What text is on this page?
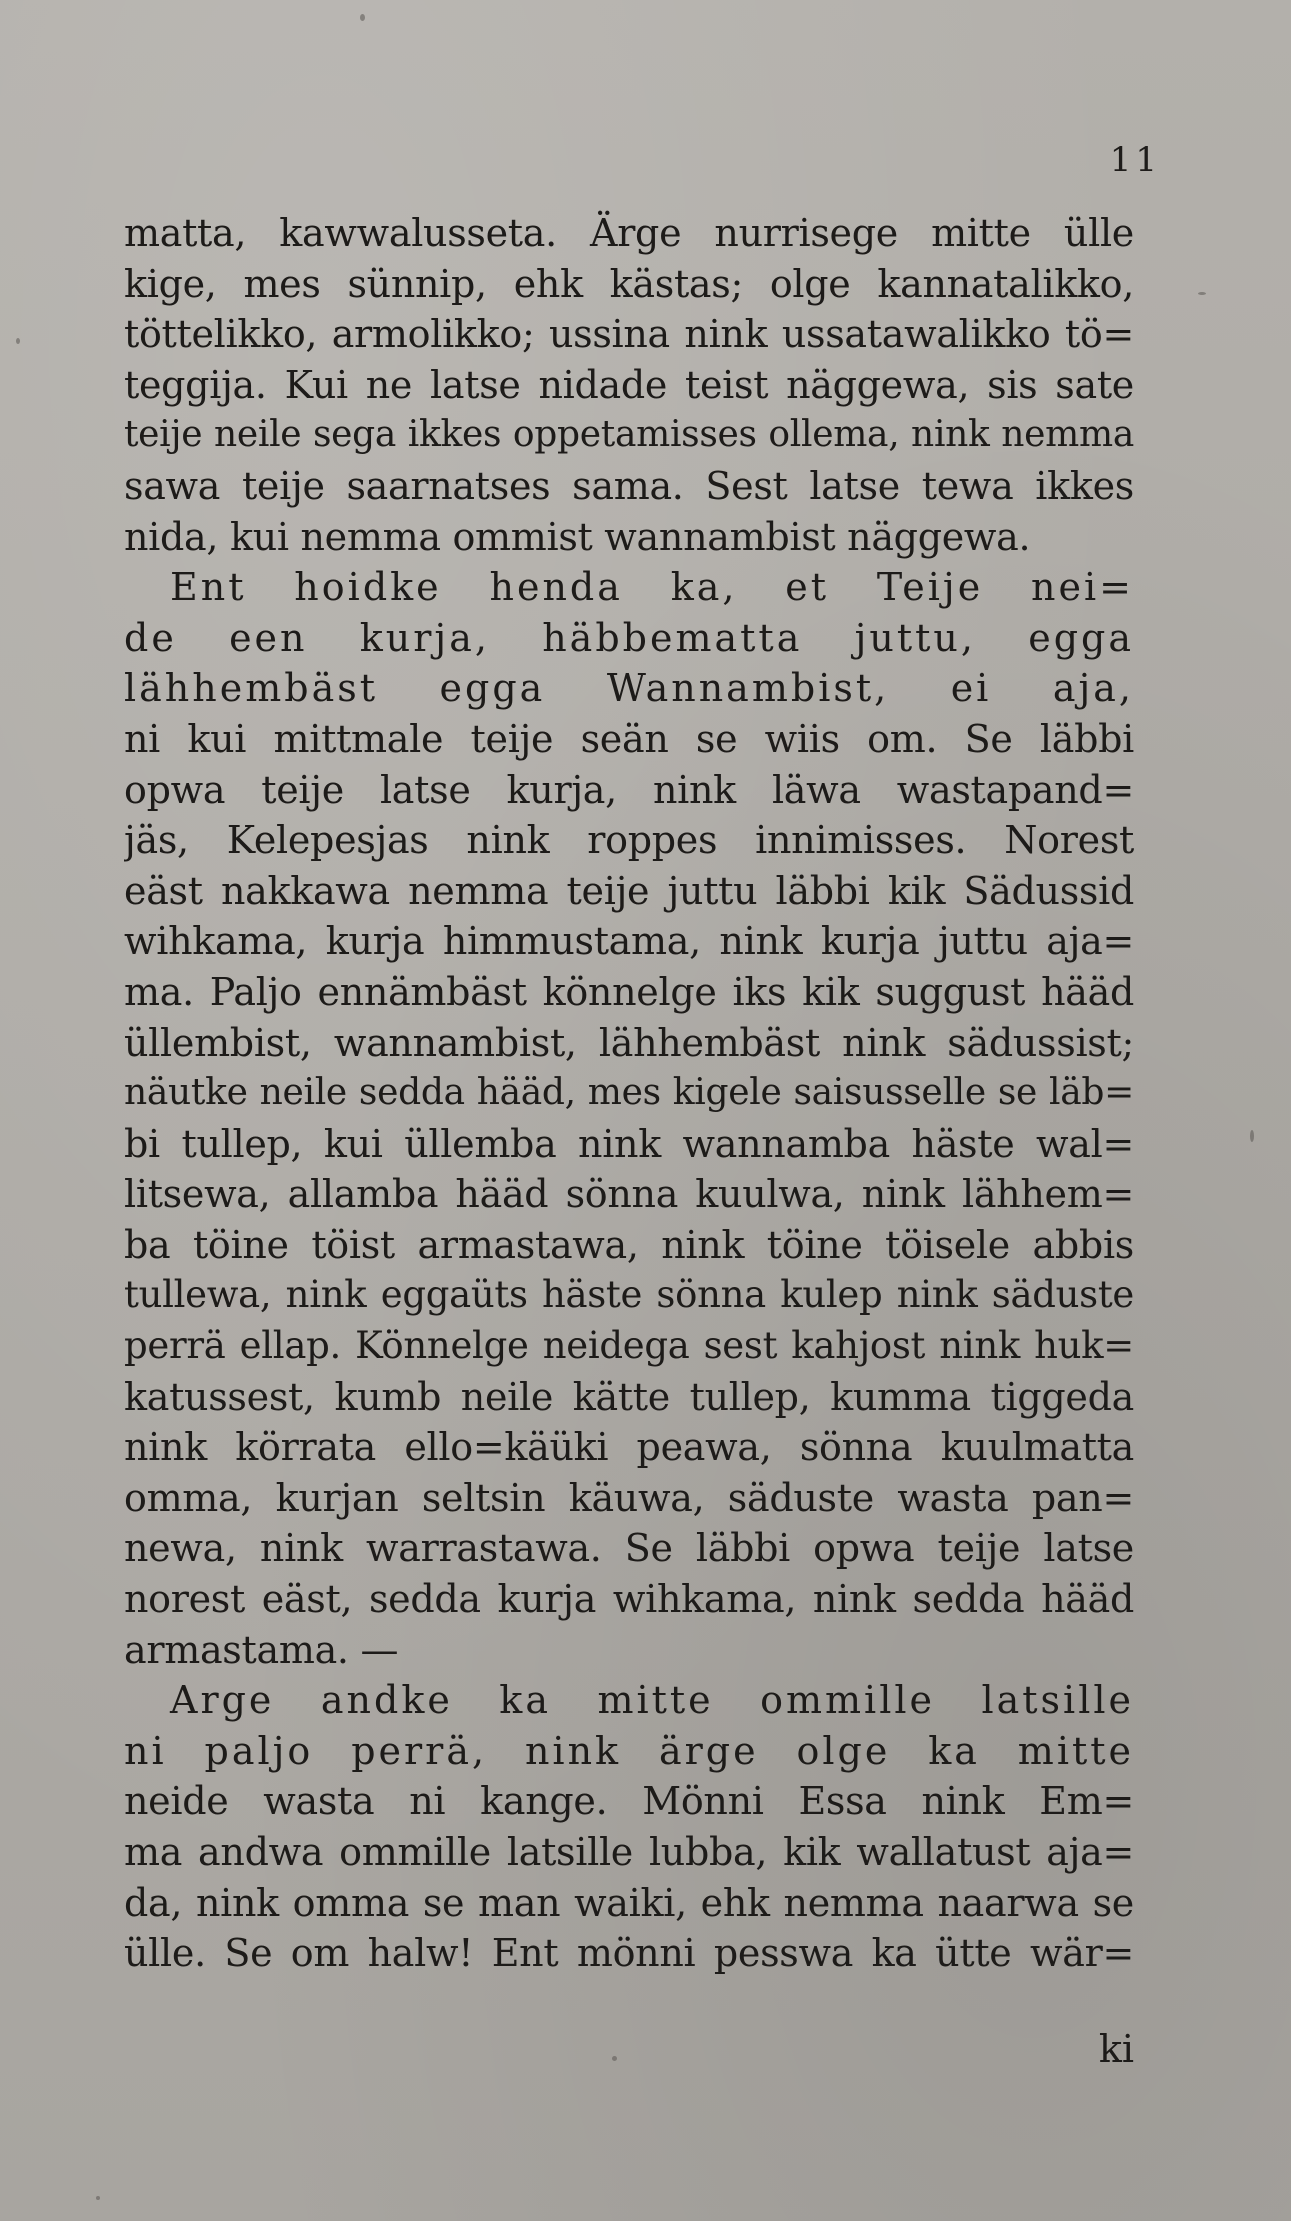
11
matta, kawwalusseta. Ärge nurrisege mitte ülle
kige, mes sünnip, ehk kästas; olge kannatalikko,
töttelikko, armolikko; ussina nink ussatawalikko tö=
teggija. Kui ne latse nidade teist näggewa, sis sate
teije neile sega ikkes oppetamisses ollema, nink nemma
sawa teije saarnatses sama. Sest latse tewa ikkes
nida, kui nemma ommist wannambist näggewa.
Ent hoidke henda ka, et Teije nei=
de een kurja, häbbematta juttu, egga
lähhembäst egga Wannambist, ei aja,
ni kui mittmale teije seän se wiis om. Se läbbi
opwa teije latse kurja, nink läwa wastapand=
jäs, Kelepesjas nink roppes innimisses. Norest
eäst nakkawa nemma teije juttu läbbi kik Sädussid
wihkama, kurja himmustama, nink kurja juttu aja=
ma. Paljo ennämbäst könnelge iks kik suggust hääd
üllembist, wannambist, lähhembäst nink sädussist;
näutke neile sedda hääd, mes kigele saisusselle se läb=
bi tullep, kui üllemba nink wannamba häste wal=
litsewa, allamba hääd sönna kuulwa, nink lähhem=
ba töine töist armastawa, nink töine töisele abbis
tullewa, nink eggaüts häste sönna kulep nink säduste
perrä ellap. Könnelge neidega sest kahjost nink huk=
katussest, kumb neile kätte tullep, kumma tiggeda
nink körrata ello=käüki peawa, sönna kuulmatta
omma, kurjan seltsin käuwa, säduste wasta pan=
newa, nink warrastawa. Se läbbi opwa teije latse
norest eäst, sedda kurja wihkama, nink sedda hääd
armastama. —
Arge andke ka mitte ommille latsille
ni paljo perrä, nink ärge olge ka mitte
neide wasta ni kange. Mönni Essa nink Em=
ma andwa ommille latsille lubba, kik wallatust aja=
da, nink omma se man waiki, ehk nemma naarwa se
ülle. Se om halw! Ent mönni pesswa ka ütte wär=
ki
